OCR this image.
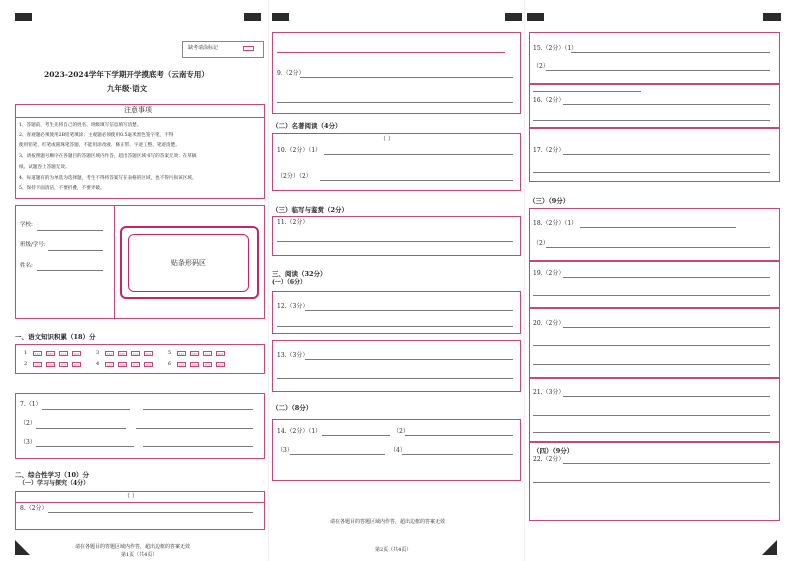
缺考请涂标记
2023-2024学年下学期开学摸底考（云南专用）
九年级·语文
注意事项
1、答题前，考生先将自己的姓名、班级填写信息填写清楚。
2、客观题必须使用2B铅笔填涂；主观题必须使用0.5毫米黑色签字笔，不得
使用铅笔、红笔或圆珠笔答题，不能用涂改液、修正带、字迹工整、笔迹清楚。
3、请按照题号顺序在各题目的答题区域内作答，超出答题区域书写的答案无效；在草稿
纸、试题卷上答题无效。
4、每道题有的为单选为选择题，考生不得将答案写在表格的区域，也不得污损该区域。
5、保持卡面清洁，不要折叠，不要弄破。
学校:
班级/学号:
姓名:	贴条形码区
一、语文知识积累（18）分
1	[A]	[B]	[C]	[D]	3	[A]	[B]	[C]	[D]	5	[A]	[B]	[C]	[D]
2	[A]	[B]	[C]	[D]	4	[A]	[B]	[C]	[D]	6	[A]	[B]	[C]	[D]
7.（1）
（2）
（3）
二、综合性学习（10）分
（一）学习与探究（4分）
（ ）
8.（2分）
请在各题目的答题区域内作答，超出边框的答案无效
第1页（共4页）
9.（2分）
（二）名著阅读（4分）
（ ）
10.（2分）（1）
（2分）（2）
（三）临写与鉴赏（2分）
11.（2分）
三、阅读（32分）
(一）（6分）
12.（3分）
13.（3分）
（二）（8分）
14.（2分）（1）	（2）
（3）	（4）
请在各题目的答题区域内作答，超出边框的答案无效
第2页（共4页）
15.（2分）（1）
（2）
16.（2分）
17.（2分）
（三）（9分）
18.（2分）（1）
（2）
19.（2分）
20.（2分）
21.（3分）
（四）（9分）
22.（2分）
